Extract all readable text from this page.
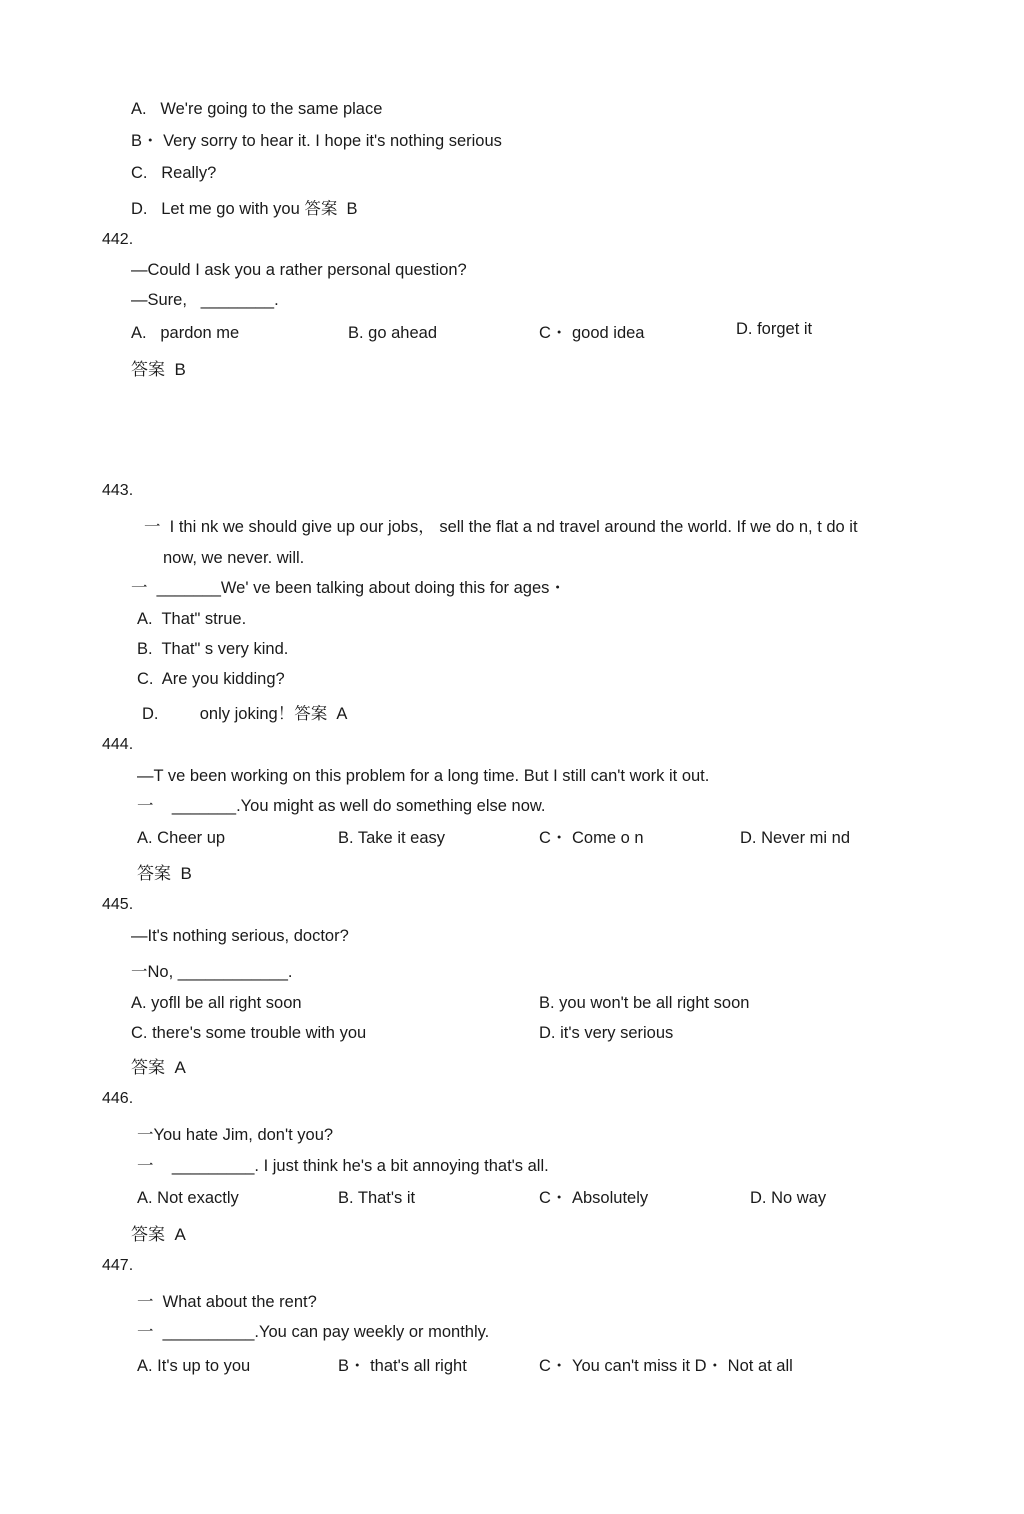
A.   We're going to the same place
B・ Very sorry to hear it. I hope it's nothing serious
C.   Really?
D.   Let me go with you 答案  B
442.
—Could I ask you a rather personal question?
—Sure,   ________.
A.   pardon me	B. go ahead	C・ good idea	D. forget it
答案  B
443.
一  I thi nk we should give up our jobs， sell the flat a nd travel around the world. If we do n, t do it
now, we never. will.
一  _______We' ve been talking about doing this for ages・
A.  That" strue.
B.  That" s very kind.
C.  Are you kidding?
D.         only joking！答案  A
444.
—T ve been working on this problem for a long time. But I still can't work it out.
一    _______.You might as well do something else now.
A. Cheer up	B. Take it easy	C・ Come o n	D. Never mi nd
答案  B
445.
—It's nothing serious, doctor?
一No, ____________.
A. yofll be all right soon	B. you won't be all right soon
C. there's some trouble with you	D. it's very serious
答案  A
446.
一You hate Jim, don't you?
一    _________. I just think he's a bit annoying that's all.
A. Not exactly	B. That's it	C・ Absolutely	D. No way
答案  A
447.
一  What about the rent?
一  __________.You can pay weekly or monthly.
A. It's up to you	B・ that's all right	C・ You can't miss it D・ Not at all
